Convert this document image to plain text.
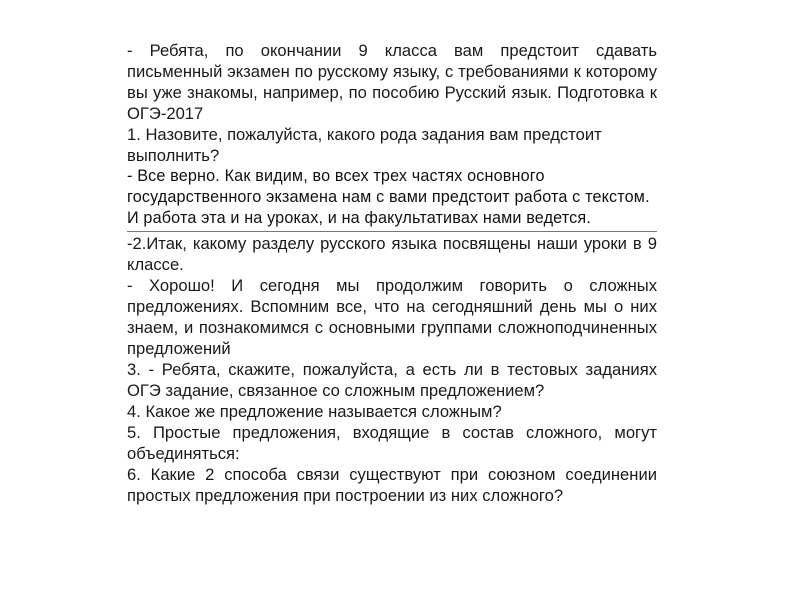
- Ребята, по окончании 9 класса вам предстоит сдавать письменный экзамен по русскому языку, с требованиями к которому вы уже знакомы, например, по пособию Русский язык. Подготовка к ОГЭ-2017

1. Назовите, пожалуйста, какого рода задания вам предстоит выполнить?

- Все верно. Как видим, во всех трех частях основного государственного экзамена нам с вами предстоит работа с текстом. И работа эта и на уроках, и на факультативах нами ведется.

-2.Итак, какому разделу русского языка посвящены наши уроки в 9 классе.

- Хорошо! И сегодня мы продолжим говорить о сложных предложениях. Вспомним все, что на сегодняшний день мы о них знаем, и познакомимся с основными группами сложноподчиненных предложений

3. - Ребята, скажите, пожалуйста, а есть ли в тестовых заданиях ОГЭ задание, связанное со сложным предложением?

4. Какое же предложение называется сложным?

5. Простые предложения, входящие в состав сложного, могут объединяться:

6. Какие 2 способа связи существуют при союзном соединении простых предложения при построении из них сложного?
